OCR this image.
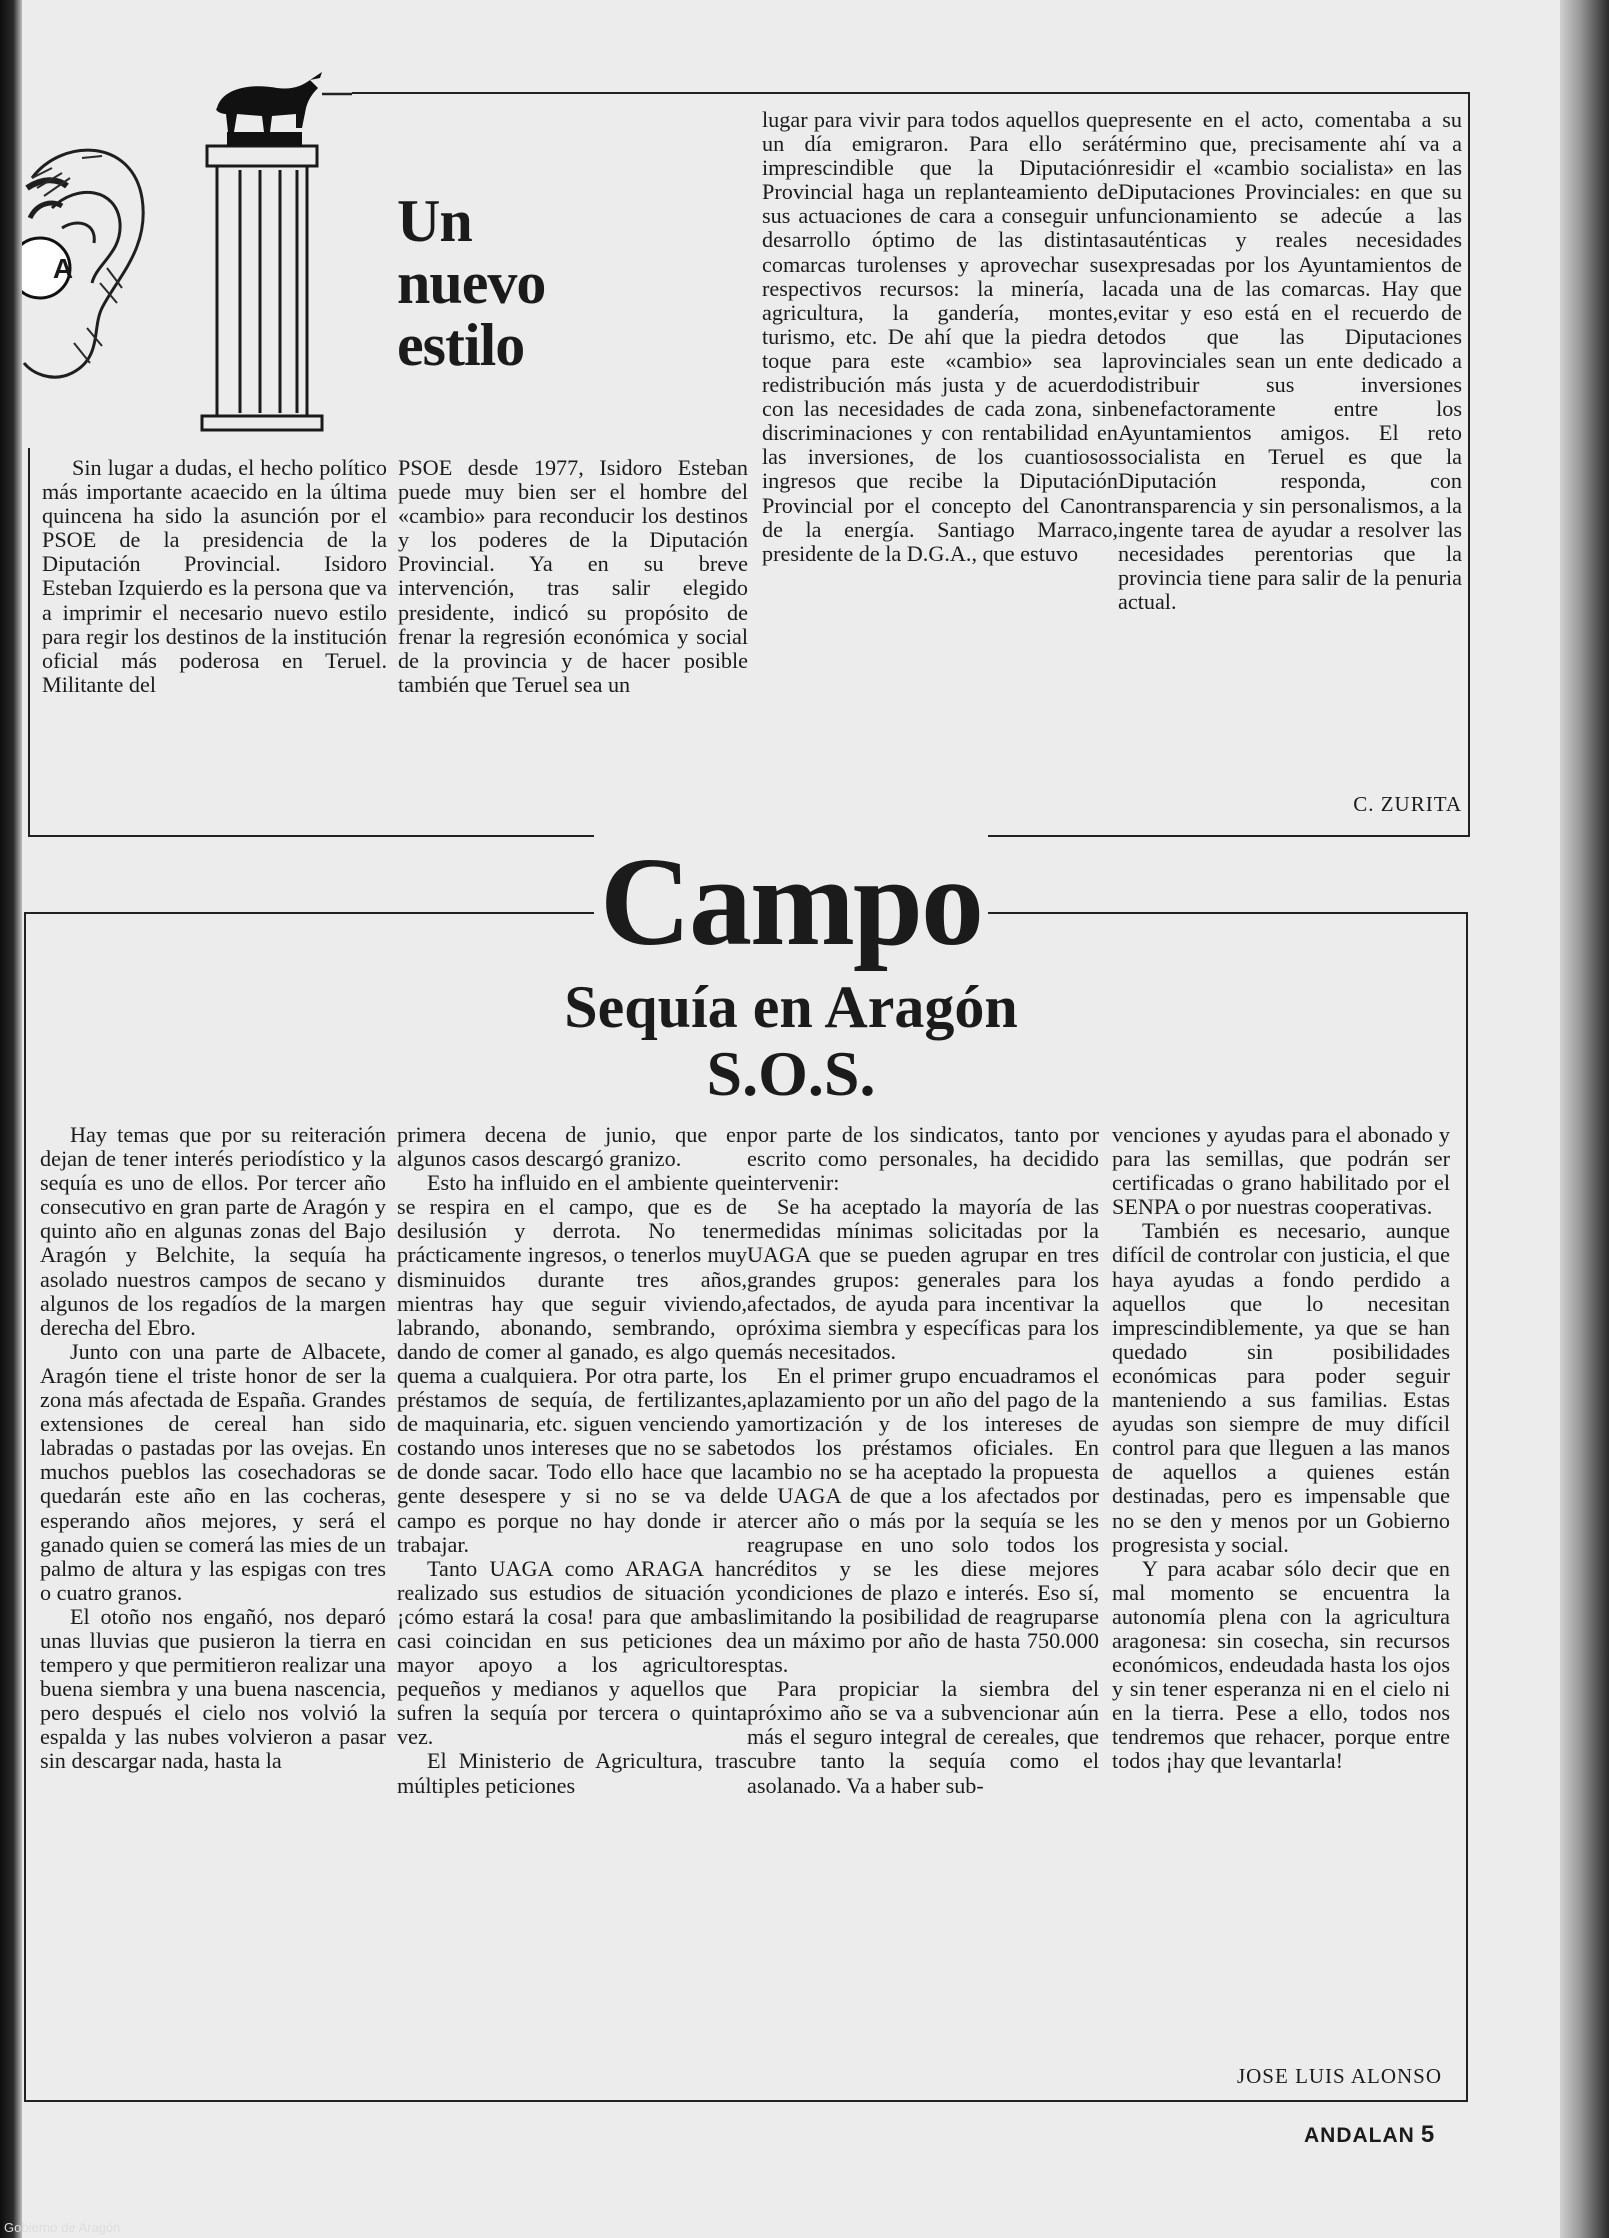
A
Un
nuevo
estilo

Sin lugar a dudas, el hecho político más importante acaecido en la última quincena ha sido la asunción por el PSOE de la presidencia de la Diputación Provincial. Isidoro Esteban Izquierdo es la persona que va a imprimir el necesario nuevo estilo para regir los destinos de la institución oficial más poderosa en Teruel. Militante del

PSOE desde 1977, Isidoro Esteban puede muy bien ser el hombre del «cambio» para reconducir los destinos y los poderes de la Diputación Provincial. Ya en su breve intervención, tras salir elegido presidente, indicó su propósito de frenar la regresión económica y social de la provincia y de hacer posible también que Teruel sea un

lugar para vivir para todos aquellos que un día emigraron. Para ello será imprescindible que la Diputación Provincial haga un replanteamiento de sus actuaciones de cara a conseguir un desarrollo óptimo de las distintas comarcas turolenses y aprovechar sus respectivos recursos: la minería, la agricultura, la gandería, montes, turismo, etc. De ahí que la piedra de toque para este «cambio» sea la redistribución más justa y de acuerdo con las necesidades de cada zona, sin discriminaciones y con rentabilidad en las inversiones, de los cuantiosos ingresos que recibe la Diputación Provincial por el concepto del Canon de la energía. Santiago Marraco, presidente de la D.G.A., que estuvo

presente en el acto, comentaba a su término que, precisamente ahí va a residir el «cambio socialista» en las Diputaciones Provinciales: en que su funcionamiento se adecúe a las auténticas y reales necesidades expresadas por los Ayuntamientos de cada una de las comarcas. Hay que evitar y eso está en el recuerdo de todos que las Diputaciones provinciales sean un ente dedicado a distribuir sus inversiones benefactoramente entre los Ayuntamientos amigos. El reto socialista en Teruel es que la Diputación responda, con transparencia y sin personalismos, a la ingente tarea de ayudar a resolver las necesidades perentorias que la provincia tiene para salir de la penuria actual.

C. ZURITA
Campo
Sequía en Aragón
S.O.S.

Hay temas que por su reiteración dejan de tener interés periodístico y la sequía es uno de ellos. Por tercer año consecutivo en gran parte de Aragón y quinto año en algunas zonas del Bajo Aragón y Belchite, la sequía ha asolado nuestros campos de secano y algunos de los regadíos de la margen derecha del Ebro.

Junto con una parte de Albacete, Aragón tiene el triste honor de ser la zona más afectada de España. Grandes extensiones de cereal han sido labradas o pastadas por las ovejas. En muchos pueblos las cosechadoras se quedarán este año en las cocheras, esperando años mejores, y será el ganado quien se comerá las mies de un palmo de altura y las espigas con tres o cuatro granos.

El otoño nos engañó, nos deparó unas lluvias que pusieron la tierra en tempero y que permitieron realizar una buena siembra y una buena nascencia, pero después el cielo nos volvió la espalda y las nubes volvieron a pasar sin descargar nada, hasta la

primera decena de junio, que en algunos casos descargó granizo.

Esto ha influido en el ambiente que se respira en el campo, que es de desilusión y derrota. No tener prácticamente ingresos, o tenerlos muy disminuidos durante tres años, mientras hay que seguir viviendo, labrando, abonando, sembrando, o dando de comer al ganado, es algo que quema a cualquiera. Por otra parte, los préstamos de sequía, de fertilizantes, de maquinaria, etc. siguen venciendo y costando unos intereses que no se sabe de donde sacar. Todo ello hace que la gente desespere y si no se va del campo es porque no hay donde ir a trabajar.

Tanto UAGA como ARAGA han realizado sus estudios de situación y ¡cómo estará la cosa! para que ambas casi coincidan en sus peticiones de mayor apoyo a los agricultores pequeños y medianos y aquellos que sufren la sequía por tercera o quinta vez.

El Ministerio de Agricultura, tras múltiples peticiones

por parte de los sindicatos, tanto por escrito como personales, ha decidido intervenir:

Se ha aceptado la mayoría de las medidas mínimas solicitadas por la UAGA que se pueden agrupar en tres grandes grupos: generales para los afectados, de ayuda para incentivar la próxima siembra y específicas para los más necesitados.

En el primer grupo encuadramos el aplazamiento por un año del pago de la amortización y de los intereses de todos los préstamos oficiales. En cambio no se ha aceptado la propuesta de UAGA de que a los afectados por tercer año o más por la sequía se les reagrupase en uno solo todos los créditos y se les diese mejores condiciones de plazo e interés. Eso sí, limitando la posibilidad de reagruparse a un máximo por año de hasta 750.000 ptas.

Para propiciar la siembra del próximo año se va a subvencionar aún más el seguro integral de cereales, que cubre tanto la sequía como el asolanado. Va a haber sub-

venciones y ayudas para el abonado y para las semillas, que podrán ser certificadas o grano habilitado por el SENPA o por nuestras cooperativas.

También es necesario, aunque difícil de controlar con justicia, el que haya ayudas a fondo perdido a aquellos que lo necesitan imprescindiblemente, ya que se han quedado sin posibilidades económicas para poder seguir manteniendo a sus familias. Estas ayudas son siempre de muy difícil control para que lleguen a las manos de aquellos a quienes están destinadas, pero es impensable que no se den y menos por un Gobierno progresista y social.

Y para acabar sólo decir que en mal momento se encuentra la autonomía plena con la agricultura aragonesa: sin cosecha, sin recursos económicos, endeudada hasta los ojos y sin tener esperanza ni en el cielo ni en la tierra. Pese a ello, todos nos tendremos que rehacer, porque entre todos ¡hay que levantarla!

JOSE LUIS ALONSO
ANDALAN 5
Gobierno de Aragón
